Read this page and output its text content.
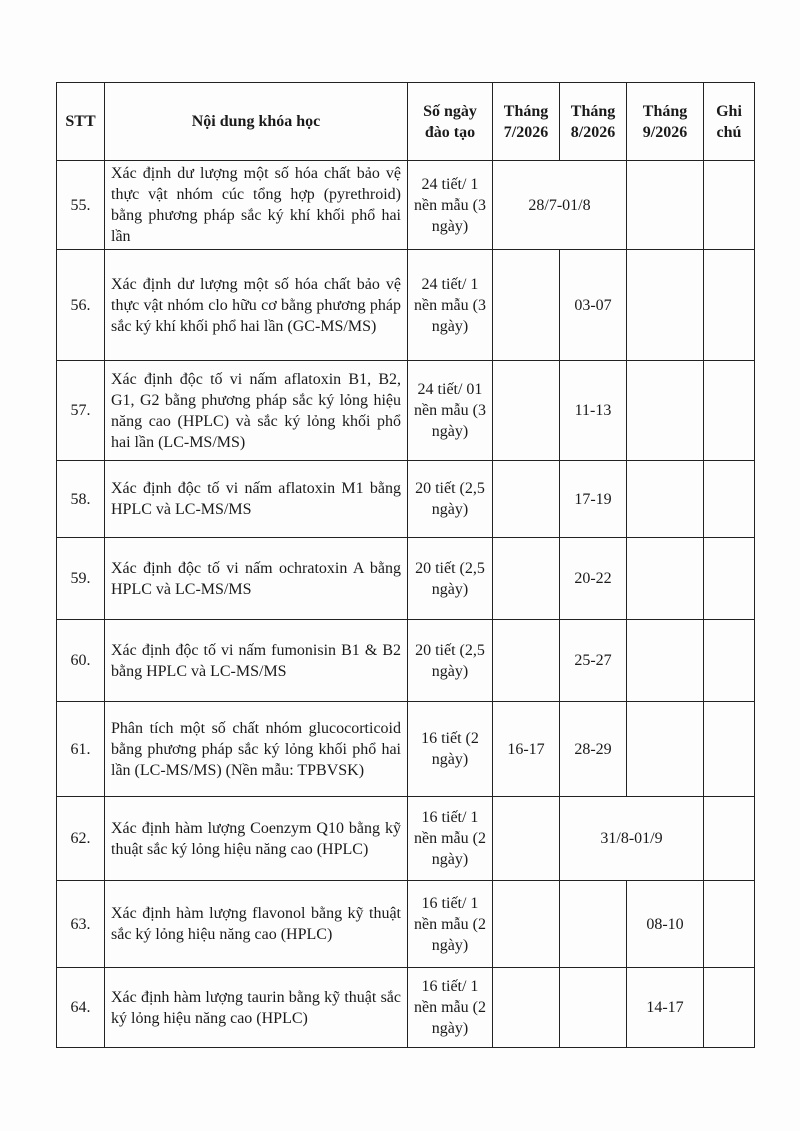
STT	Nội dung khóa học	Số ngày đào tạo	Tháng 7/2026	Tháng 8/2026	Tháng 9/2026	Ghi chú
55.	Xác định dư lượng một số hóa chất bảo vệ thực vật nhóm cúc tổng hợp (pyrethroid) bằng phương pháp sắc ký khí khối phổ hai lần	24 tiết/ 1 nền mẫu (3 ngày)	28/7-01/8			
56.	Xác định dư lượng một số hóa chất bảo vệ thực vật nhóm clo hữu cơ bằng phương pháp sắc ký khí khối phổ hai lần (GC-MS/MS)	24 tiết/ 1 nền mẫu (3 ngày)		03-07		
57.	Xác định độc tố vi nấm aflatoxin B1, B2, G1, G2 bằng phương pháp sắc ký lỏng hiệu năng cao (HPLC) và sắc ký lỏng khối phổ hai lần (LC-MS/MS)	24 tiết/ 01 nền mẫu (3 ngày)		11-13		
58.	Xác định độc tố vi nấm aflatoxin M1 bằng HPLC và LC-MS/MS	20 tiết (2,5 ngày)		17-19		
59.	Xác định độc tố vi nấm ochratoxin A bằng HPLC và LC-MS/MS	20 tiết (2,5 ngày)		20-22		
60.	Xác định độc tố vi nấm fumonisin B1 & B2 bằng HPLC và LC-MS/MS	20 tiết (2,5 ngày)		25-27		
61.	Phân tích một số chất nhóm glucocorticoid bằng phương pháp sắc ký lỏng khối phổ hai lần (LC-MS/MS) (Nền mẫu: TPBVSK)	16 tiết (2 ngày)	16-17	28-29		
62.	Xác định hàm lượng Coenzym Q10 bằng kỹ thuật sắc ký lỏng hiệu năng cao (HPLC)	16 tiết/ 1 nền mẫu (2 ngày)		31/8-01/9		
63.	Xác định hàm lượng flavonol bằng kỹ thuật sắc ký lỏng hiệu năng cao (HPLC)	16 tiết/ 1 nền mẫu (2 ngày)			08-10	
64.	Xác định hàm lượng taurin bằng kỹ thuật sắc ký lỏng hiệu năng cao (HPLC)	16 tiết/ 1 nền mẫu (2 ngày)			14-17	
